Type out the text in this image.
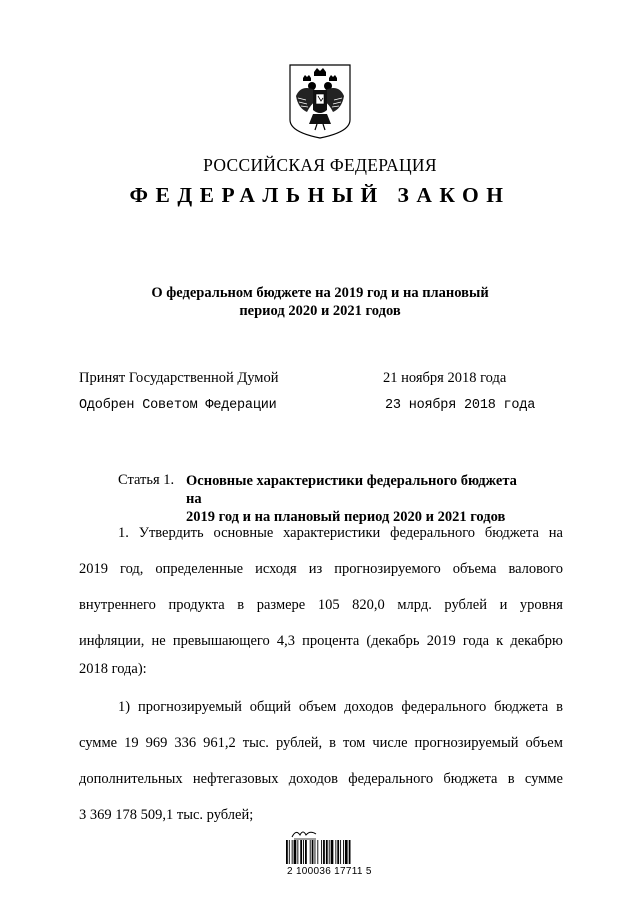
РОССИЙСКАЯ ФЕДЕРАЦИЯ
ФЕДЕРАЛЬНЫЙ ЗАКОН
О федеральном бюджете на 2019 год и на плановый
период 2020 и 2021 годов
Принят Государственной Думой	21 ноября 2018 года
Одобрен Советом Федерации	23 ноября 2018 года
Статья 1. Основные характеристики федерального бюджета на
2019 год и на плановый период 2020 и 2021 годов
1. Утвердить основные характеристики федерального бюджета на
2019 год, определенные исходя из прогнозируемого объема валового
внутреннего продукта в размере 105 820,0 млрд. рублей и уровня
инфляции, не превышающего 4,3 процента (декабрь 2019 года к декабрю
2018 года):
1) прогнозируемый общий объем доходов федерального бюджета в
сумме 19 969 336 961,2 тыс. рублей, в том числе прогнозируемый объем
дополнительных нефтегазовых доходов федерального бюджета в сумме
3 369 178 509,1 тыс. рублей;
2 100036 17711 5
